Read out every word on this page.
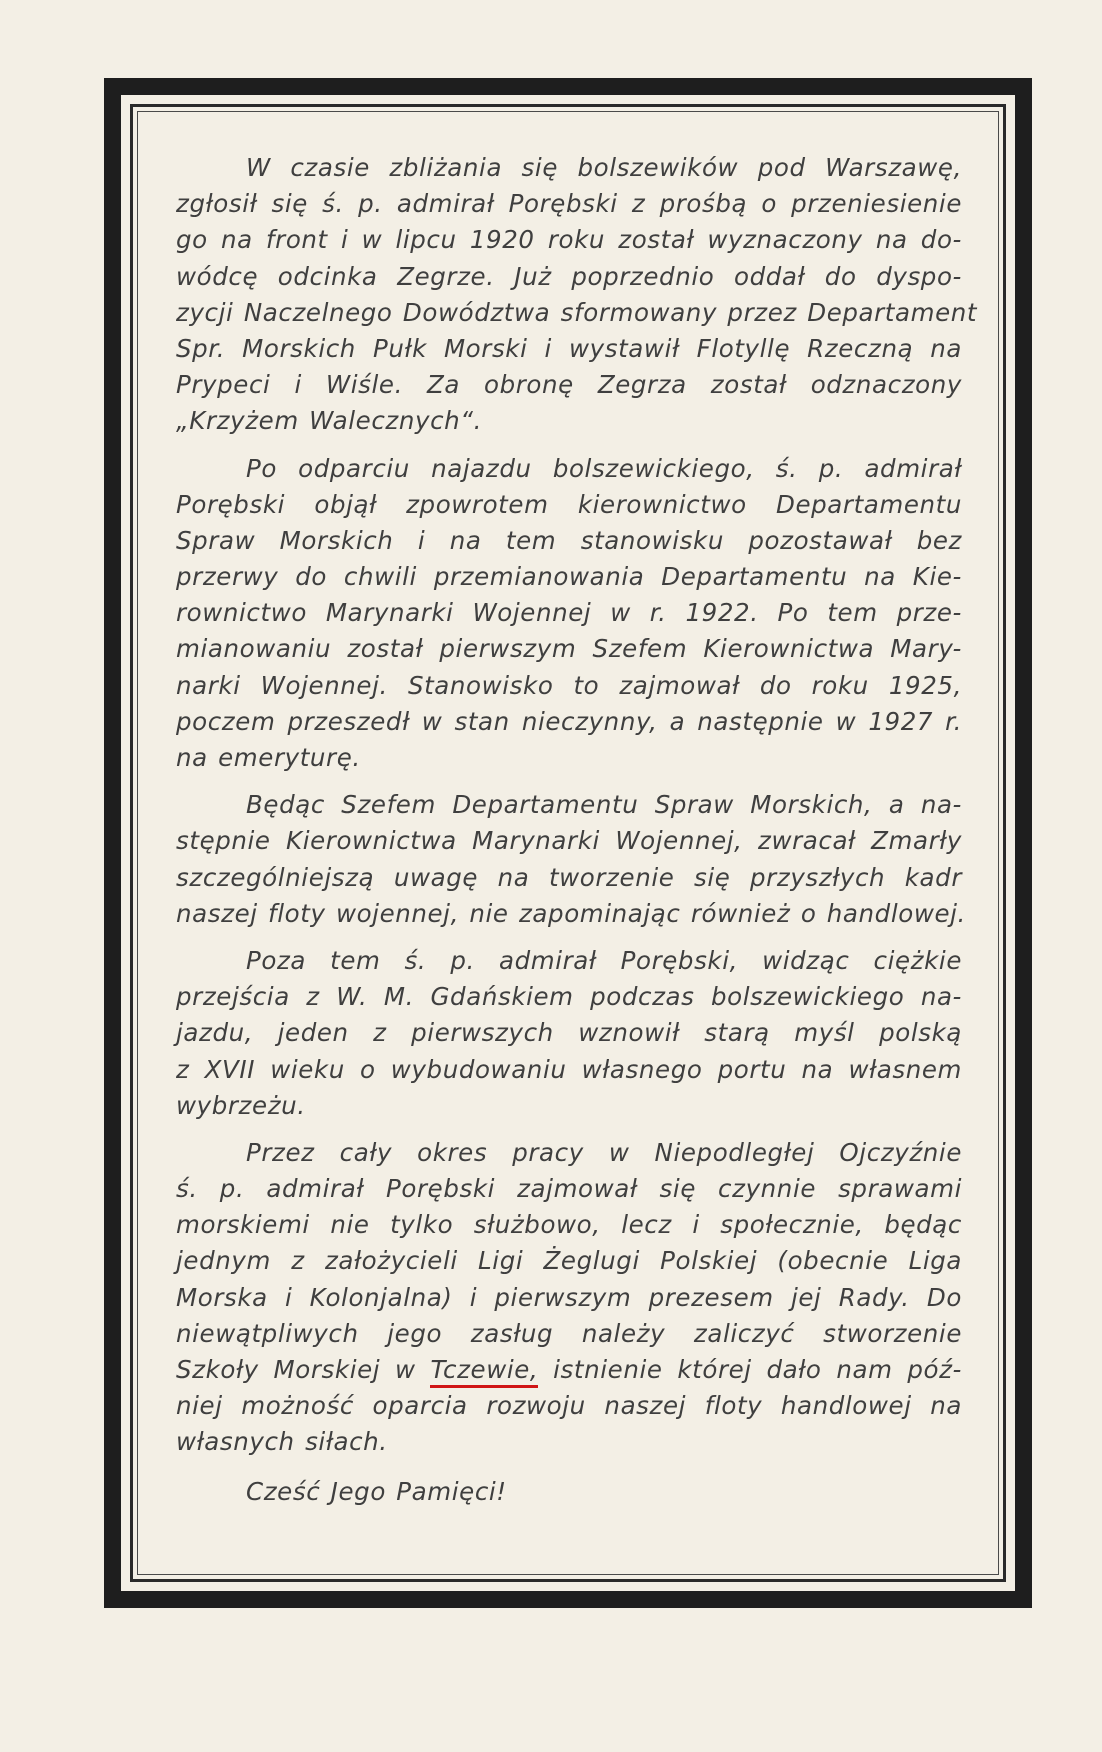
W czasie zbliżania się bolszewików pod Warszawę,
zgłosił się ś. p. admirał Porębski z prośbą o przeniesienie
go na front i w lipcu 1920 roku został wyznaczony na do-
wódcę odcinka Zegrze. Już poprzednio oddał do dyspo-
zycji Naczelnego Dowództwa sformowany przez Departament
Spr. Morskich Pułk Morski i wystawił Flotyllę Rzeczną na
Prypeci i Wiśle. Za obronę Zegrza został odznaczony
„Krzyżem Walecznych“.
Po odparciu najazdu bolszewickiego, ś. p. admirał
Porębski objął zpowrotem kierownictwo Departamentu
Spraw Morskich i na tem stanowisku pozostawał bez
przerwy do chwili przemianowania Departamentu na Kie-
rownictwo Marynarki Wojennej w r. 1922. Po tem prze-
mianowaniu został pierwszym Szefem Kierownictwa Mary-
narki Wojennej. Stanowisko to zajmował do roku 1925,
poczem przeszedł w stan nieczynny, a następnie w 1927 r.
na emeryturę.
Będąc Szefem Departamentu Spraw Morskich, a na-
stępnie Kierownictwa Marynarki Wojennej, zwracał Zmarły
szczególniejszą uwagę na tworzenie się przyszłych kadr
naszej floty wojennej, nie zapominając również o handlowej.
Poza tem ś. p. admirał Porębski, widząc ciężkie
przejścia z W. M. Gdańskiem podczas bolszewickiego na-
jazdu, jeden z pierwszych wznowił starą myśl polską
z XVII wieku o wybudowaniu własnego portu na własnem
wybrzeżu.
Przez cały okres pracy w Niepodległej Ojczyźnie
ś. p. admirał Porębski zajmował się czynnie sprawami
morskiemi nie tylko służbowo, lecz i społecznie, będąc
jednym z założycieli Ligi Żeglugi Polskiej (obecnie Liga
Morska i Kolonjalna) i pierwszym prezesem jej Rady. Do
niewątpliwych jego zasług należy zaliczyć stworzenie
Szkoły Morskiej w Tczewie, istnienie której dało nam póź-
niej możność oparcia rozwoju naszej floty handlowej na
własnych siłach.
Cześć Jego Pamięci!
